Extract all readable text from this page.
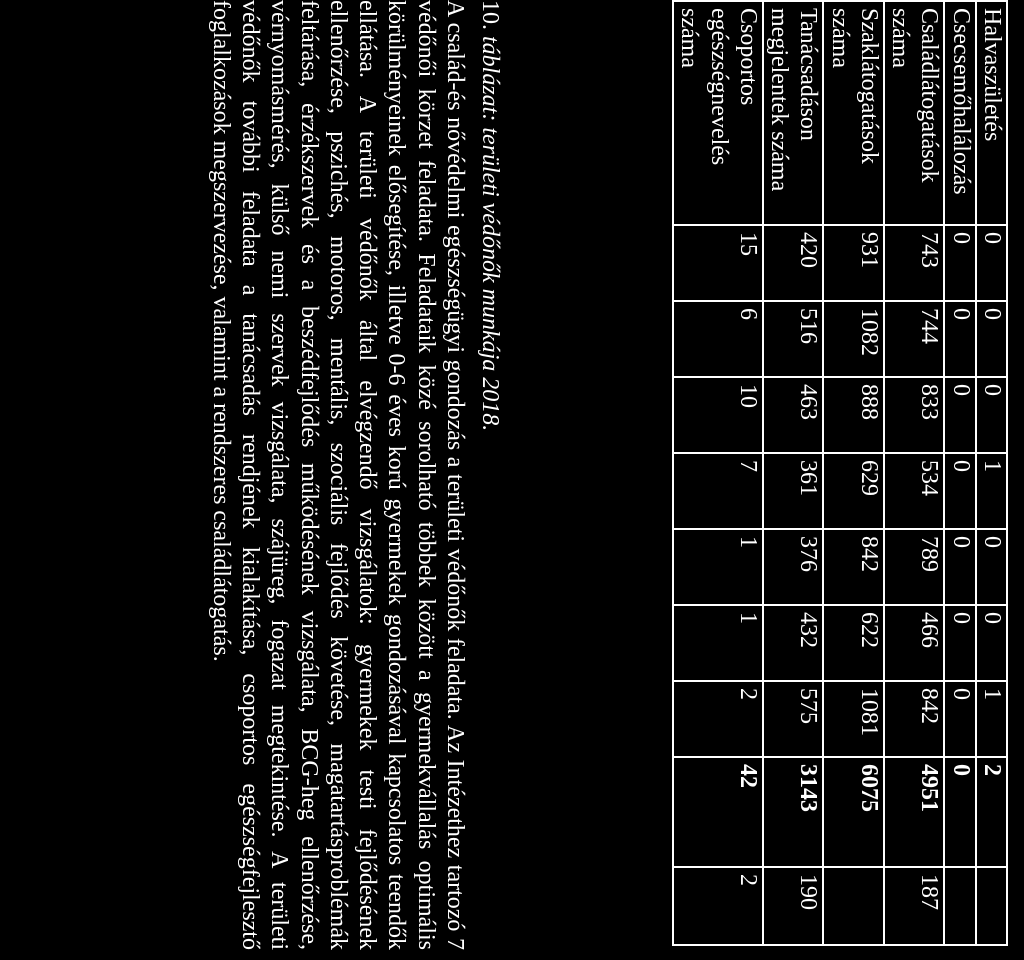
Halvaszületés	0	0	0	1	0	0	1	2	
Csecsemőhalálozás	0	0	0	0	0	0	0	0	
Családlátogatások száma	743	744	833	534	789	466	842	4951	187
Szaklátogatások száma	931	1082	888	629	842	622	1081	6075	
Tanácsadáson megjelentek száma	420	516	463	361	376	432	575	3143	190
Csoportos egészségnevelés száma	15	6	10	7	1	1	2	42	2
10. táblázat: területi védőnők munkája 2018.

A család-és nővédelmi egészségügyi gondozás a területi védőnők feladata. Az Intézethez tartozó 7 védőnői körzet feladata. Feladataik közé sorolható többek között a gyermekvállalás optimális körülményeinek elősegítése, illetve 0-6 éves korú gyermekek gondozásával kapcsolatos teendők ellátása. A területi védőnők által elvégzendő vizsgálatok: gyermekek testi fejlődésének ellenőrzése, pszichés, motoros, mentális, szociális fejlődés követése, magatartásproblémák feltárása, érzékszervek és a beszédfejlődés működésének vizsgálata, BCG-heg ellenőrzése, vérnyomásmérés, külső nemi szervek vizsgálata, szájüreg, fogazat megtekintése. A területi védőnők további feladata a tanácsadás rendjének kialakítása, csoportos egészségfejlesztő foglalkozások megszervezése, valamint a rendszeres családlátogatás.
